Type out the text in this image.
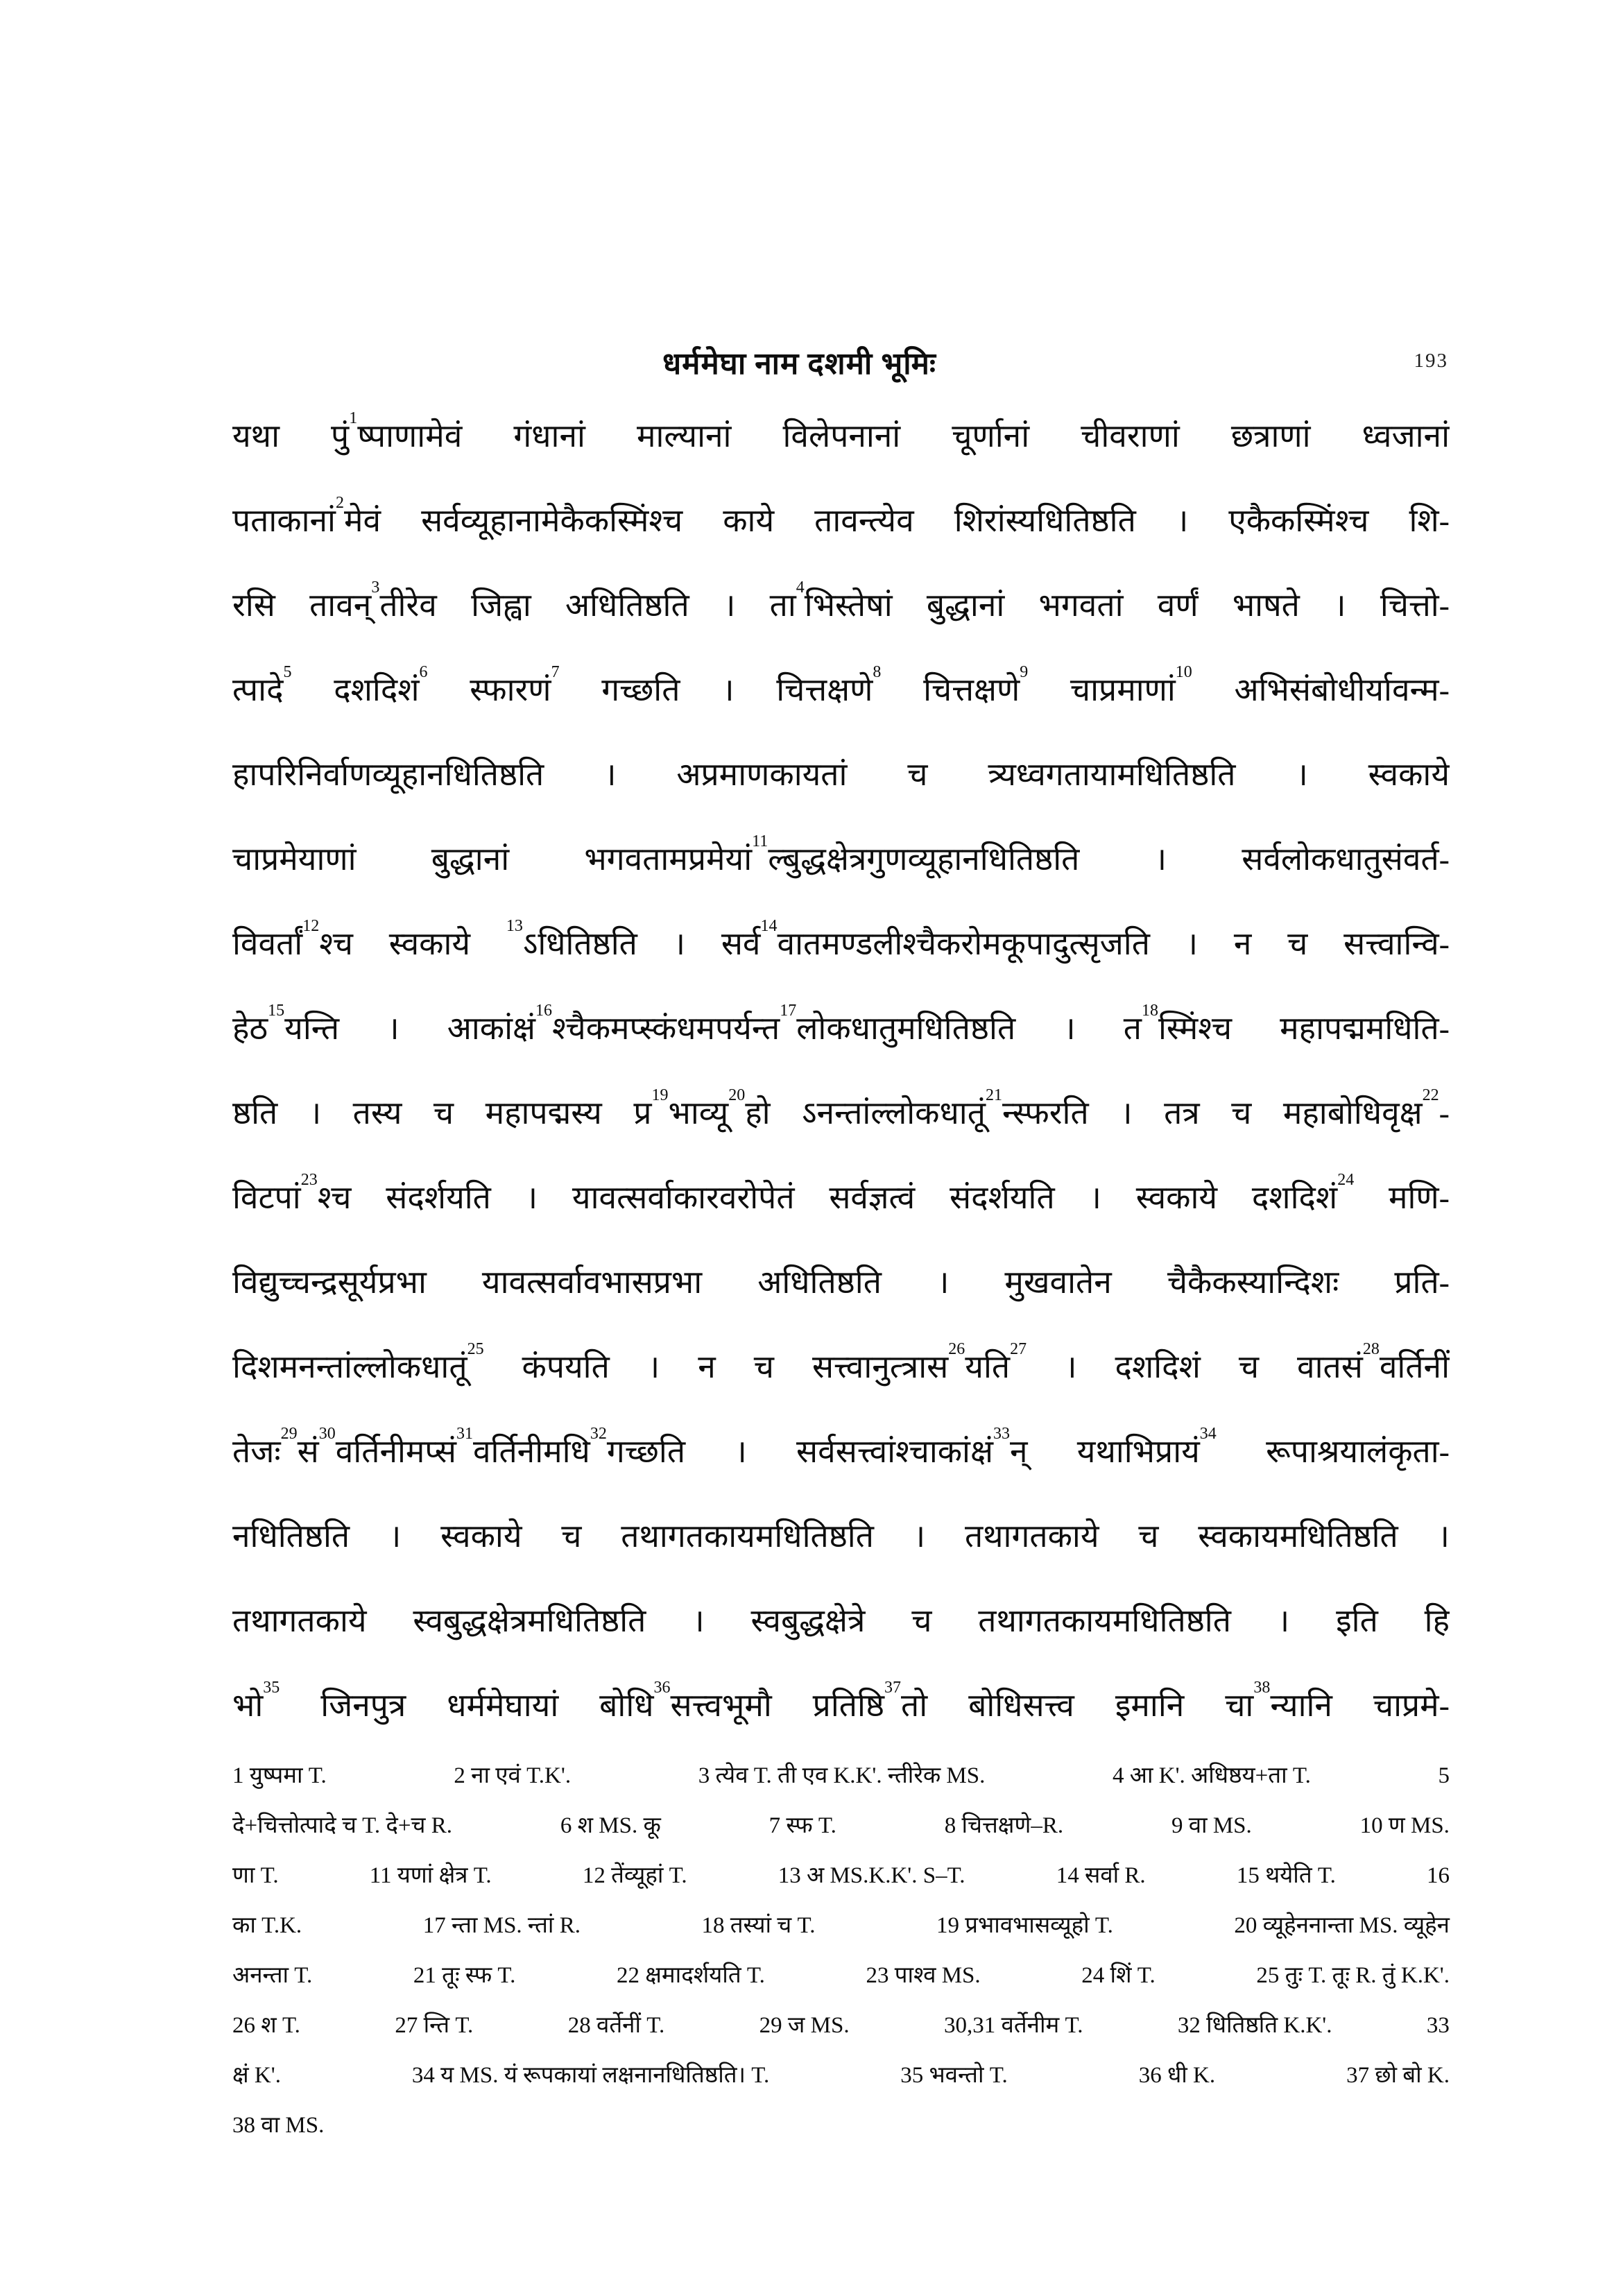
धर्ममेघा नाम दशमी भूमिः	193
यथा पुं$^1$ष्पाणामेवं गंधानां माल्यानां विलेपनानां चूर्णानां चीवराणां छत्राणां ध्वजानां
पताकानां$^2$मेवं सर्वव्यूहानामेकैकस्मिंश्च काये तावन्त्येव शिरांस्यधितिष्ठति । एकैकस्मिंश्च शि-
रसि तावन्$^3$तीरेव जिह्वा अधितिष्ठति । ता$^4$भिस्तेषां बुद्धानां भगवतां वर्णं भाषते । चित्तो-
त्पादे$^5$ दशदिशं$^6$ स्फारणं$^7$ गच्छति । चित्तक्षणे$^8$ चित्तक्षणे$^9$ चाप्रमाणां$^{10}$ अभिसंबोधीर्यावन्म-
हापरिनिर्वाणव्यूहानधितिष्ठति । अप्रमाणकायतां च त्र्यध्वगतायामधितिष्ठति । स्वकाये
चाप्रमेयाणां बुद्धानां भगवतामप्रमेयां$^{11}$ल्बुद्धक्षेत्रगुणव्यूहानधितिष्ठति । सर्वलोकधातुसंवर्त-
विवर्तां$^{12}$श्च स्वकाये $^{13}$ऽधितिष्ठति । सर्व$^{14}$वातमण्डलीश्चैकरोमकूपादुत्सृजति । न च सत्त्वान्वि-
हेठ$^{15}$यन्ति । आकांक्षं$^{16}$श्चैकमप्स्कंधमपर्यन्त$^{17}$लोकधातुमधितिष्ठति । त$^{18}$स्मिंश्च महापद्ममधिति-
ष्ठति । तस्य च महापद्मस्य प्र$^{19}$भाव्यू$^{20}$हो ऽनन्तांल्लोकधातूं$^{21}$न्स्फरति । तत्र च महाबोधिवृक्ष$^{22}$-
विटपां$^{23}$श्च संदर्शयति । यावत्सर्वाकारवरोपेतं सर्वज्ञत्वं संदर्शयति । स्वकाये दशदिशं$^{24}$ मणि-
विद्युच्चन्द्रसूर्यप्रभा यावत्सर्वावभासप्रभा अधितिष्ठति । मुखवातेन चैकैकस्यान्दिशः प्रति-
दिशमनन्तांल्लोकधातूं$^{25}$ कंपयति । न च सत्त्वानुत्त्रास$^{26}$यति$^{27}$ । दशदिशं च वातसं$^{28}$वर्तिनीं
तेजः$^{29}$सं$^{30}$वर्तिनीमप्सं$^{31}$वर्तिनीमधि$^{32}$गच्छति । सर्वसत्त्वांश्चाकांक्षं$^{33}$न् यथाभिप्रायं$^{34}$ रूपाश्रयालंकृता-
नधितिष्ठति । स्वकाये च तथागतकायमधितिष्ठति । तथागतकाये च स्वकायमधितिष्ठति ।
तथागतकाये स्वबुद्धक्षेत्रमधितिष्ठति । स्वबुद्धक्षेत्रे च तथागतकायमधितिष्ठति । इति हि
भो$^{35}$ जिनपुत्र धर्ममेघायां बोधि$^{36}$सत्त्वभूमौ प्रतिष्ठि$^{37}$तो बोधिसत्त्व इमानि चा$^{38}$न्यानि चाप्रमे-
1 युष्पमा T.	2 ना एवं T.K'.	3 त्येव T. ती एव K.K'. न्तीरेक MS.	4 आ K'. अधिष्ठय+ता T.	5
दे+चित्तोत्पादे च T. दे+च R.	6 श MS. कू	7 स्फ T.	8 चित्तक्षणे–R.	9 वा MS.	10 ण MS.
णा T.	11 यणां क्षेत्र T.	12 तेंव्यूहां T.	13 अ MS.K.K'. S–T.	14 सर्वा R.	15 थयेति T.	16
का T.K.	17 न्ता MS. न्तां R.	18 तस्यां च T.	19 प्रभावभासव्यूहो T.	20 व्यूहेननान्ता MS. व्यूहेन
अनन्ता T.	21 तूः स्फ T.	22 क्षमादर्शयति T.	23 पाश्व MS.	24 शिं T.	25 तुः T. तूः R. तुं K.K'.
26 श T.	27 न्ति T.	28 वर्तेनीं T.	29 ज MS.	30,31 वर्तेनीम T.	32 धितिष्ठति K.K'.	33
क्षं K'.	34 य MS. यं रूपकायां लक्षनानधितिष्ठति। T.	35 भवन्तो T.	36 धी K.	37 छो बो K.
38 वा MS.
